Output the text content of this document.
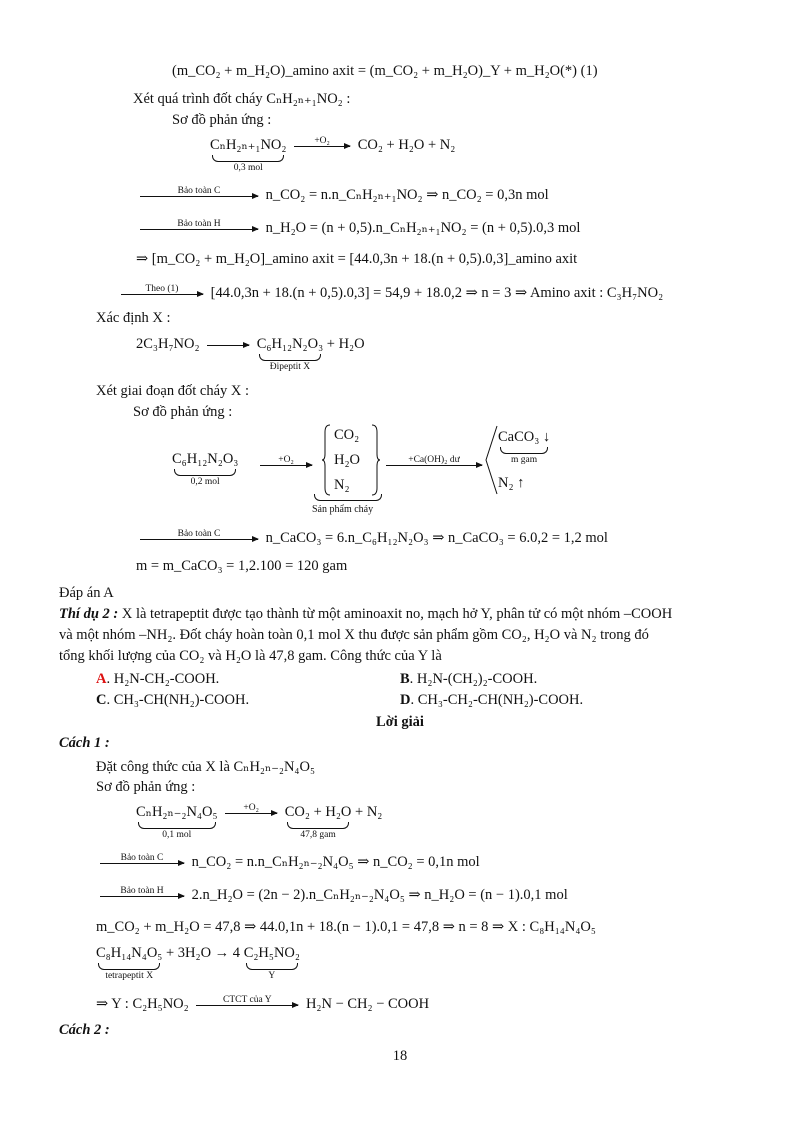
(m_CO₂ + m_H₂O)_amino axit = (m_CO₂ + m_H₂O)_Y + m_H₂O(*) (1)
Xét quá trình đốt cháy CₙH₂ₙ₊₁NO₂ :
Sơ đồ phản ứng :
CₙH₂ₙ₊₁NO₂
0,3 mol

+O₂	CO₂ + H₂O + N₂
Bảo toàn C	n_CO₂ = n.n_CₙH₂ₙ₊₁NO₂ ⇒ n_CO₂ = 0,3n mol
Bảo toàn H	n_H₂O = (n + 0,5).n_CₙH₂ₙ₊₁NO₂ = (n + 0,5).0,3 mol
⇒ [m_CO₂ + m_H₂O]_amino axit = [44.0,3n + 18.(n + 0,5).0,3]_amino axit
Theo (1)	[44.0,3n + 18.(n + 0,5).0,3] = 54,9 + 18.0,2 ⇒ n = 3 ⇒ Amino axit : C₃H₇NO₂
Xác định X :
2C₃H₇NO₂
	C₆H₁₂N₂O₃
Đipeptit X
+ H₂O
Xét giai đoạn đốt cháy X :
Sơ đồ phản ứng :
C₆H₁₂N₂O₃
0,2 mol
+O₂
CO₂
H₂O
N₂
Sản phẩm cháy
+Ca(OH)₂ dư
CaCO₃ ↓
m gam
N₂ ↑
Bảo toàn C	n_CaCO₃ = 6.n_C₆H₁₂N₂O₃ ⇒ n_CaCO₃ = 6.0,2 = 1,2 mol
m = m_CaCO₃ = 1,2.100 = 120 gam
Đáp án A
Thí dụ 2 : X là tetrapeptit được tạo thành từ một aminoaxit no, mạch hở Y, phân tử có một nhóm –COOH
và một nhóm –NH₂. Đốt cháy hoàn toàn 0,1 mol X thu được sản phẩm gồm CO₂, H₂O và N₂ trong đó
tổng khối lượng của CO₂ và H₂O là 47,8 gam. Công thức của Y là
A. H₂N-CH₂-COOH.	B. H₂N-(CH₂)₂-COOH.
C. CH₃-CH(NH₂)-COOH.	D. CH₃-CH₂-CH(NH₂)-COOH.
Lời giải
Cách 1 :
Đặt công thức của X là CₙH₂ₙ₋₂N₄O₅
Sơ đồ phản ứng :
CₙH₂ₙ₋₂N₄O₅
0,1 mol

+O₂
	CO₂ + H₂O
47,8 gam
+ N₂
Bảo toàn C	n_CO₂ = n.n_CₙH₂ₙ₋₂N₄O₅ ⇒ n_CO₂ = 0,1n mol
Bảo toàn H	2.n_H₂O = (2n − 2).n_CₙH₂ₙ₋₂N₄O₅ ⇒ n_H₂O = (n − 1).0,1 mol
m_CO₂ + m_H₂O = 47,8 ⇒ 44.0,1n + 18.(n − 1).0,1 = 47,8 ⇒ n = 8 ⇒ X : C₈H₁₄N₄O₅
C₈H₁₄N₄O₅
tetrapeptit X
+ 3H₂O → 4 C₂H₅NO₂
Y
⇒ Y : C₂H₅NO₂	CTCT của Y	H₂N − CH₂ − COOH
Cách 2 :
18
